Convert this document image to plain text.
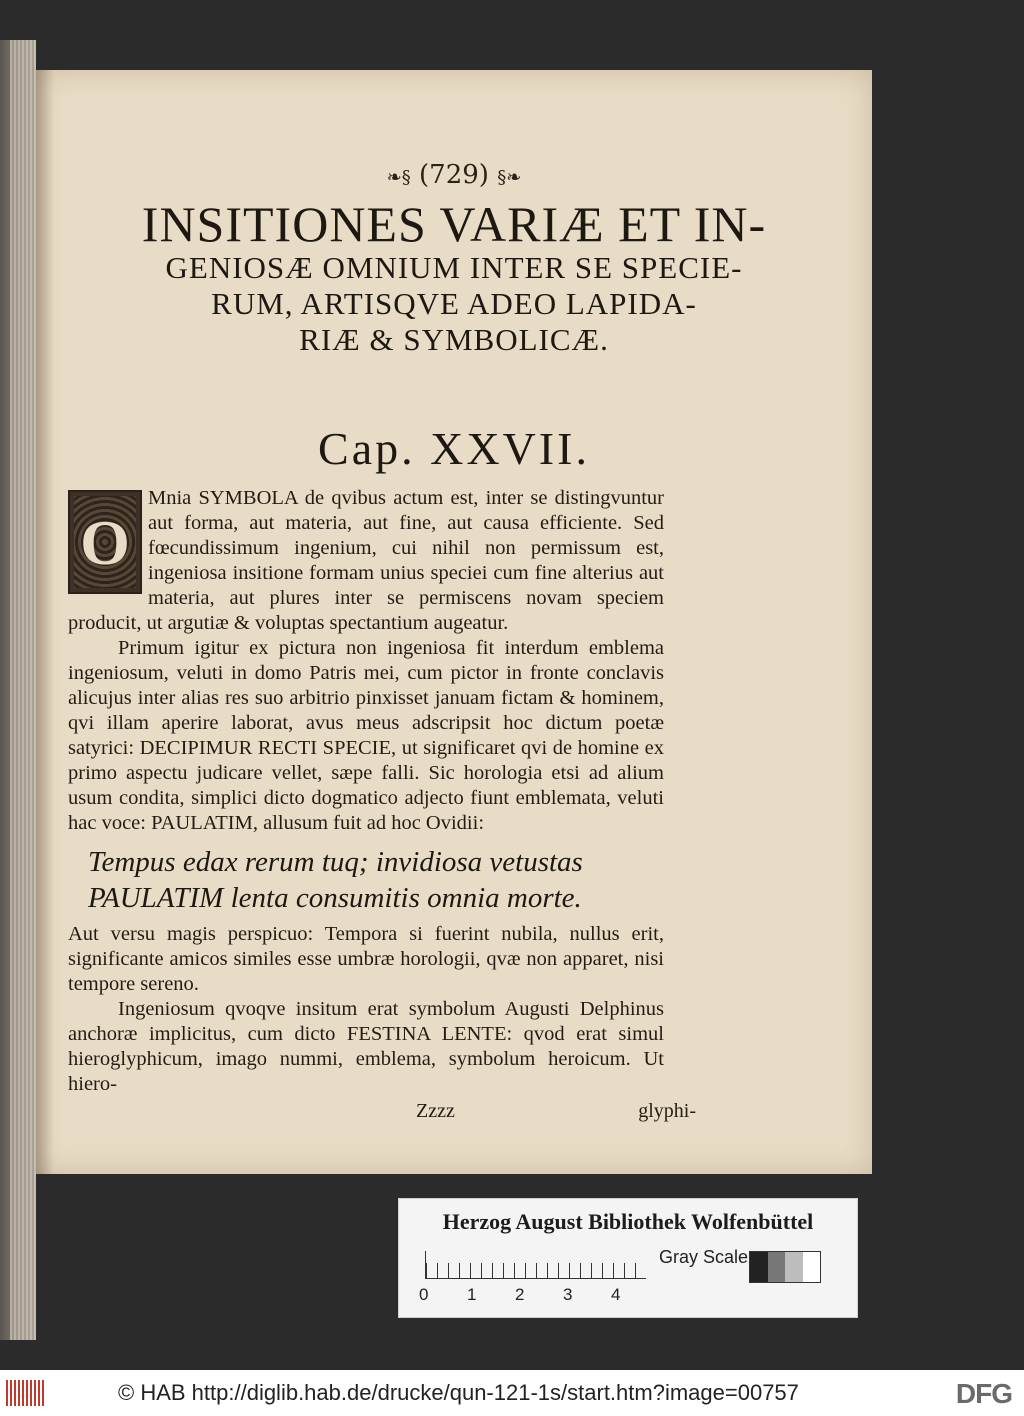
❧§ (729) §❧
INSITIONES VARIÆ ET IN-
GENIOSÆ OMNIUM INTER SE SPECIE-
RUM, ARTISQVE ADEO LAPIDA-
RIÆ & SYMBOLICÆ.
Cap. XXVII.

O
Mnia SYMBOLA de qvibus actum est, inter se distingvuntur aut forma, aut materia, aut fine, aut causa efficiente. Sed fœcundissimum ingenium, cui nihil non permissum est, ingeniosa insitione formam unius speciei cum fine alterius aut materia, aut plures inter se permiscens novam speciem producit, ut argutiæ & voluptas spectantium augeatur.

Primum igitur ex pictura non ingeniosa fit interdum emblema ingeniosum, veluti in domo Patris mei, cum pictor in fronte conclavis alicujus inter alias res suo arbitrio pinxisset januam fictam & hominem, qvi illam aperire laborat, avus meus adscripsit hoc dictum poetæ satyrici: DECIPIMUR RECTI SPECIE, ut significaret qvi de homine ex primo aspectu judicare vellet, sæpe falli. Sic horologia etsi ad alium usum condita, simplici dicto dogmatico adjecto fiunt emblemata, veluti hac voce: PAULATIM, allusum fuit ad hoc Ovidii:

Tempus edax rerum tuq; invidiosa vetustas
PAULATIM lenta consumitis omnia morte.

Aut versu magis perspicuo: Tempora si fuerint nubila, nullus erit, significante amicos similes esse umbræ horologii, qvæ non apparet, nisi tempore sereno.

Ingeniosum qvoqve insitum erat symbolum Augusti Delphinus anchoræ implicitus, cum dicto FESTINA LENTE: qvod erat simul hieroglyphicum, imago nummi, emblema, symbolum heroicum. Ut hiero-

Zzzz	glyphi-
Herzog August Bibliothek Wolfenbüttel
0	1	2	3	4
Gray Scale
© HAB http://diglib.hab.de/drucke/qun-121-1s/start.htm?image=00757	DFG
